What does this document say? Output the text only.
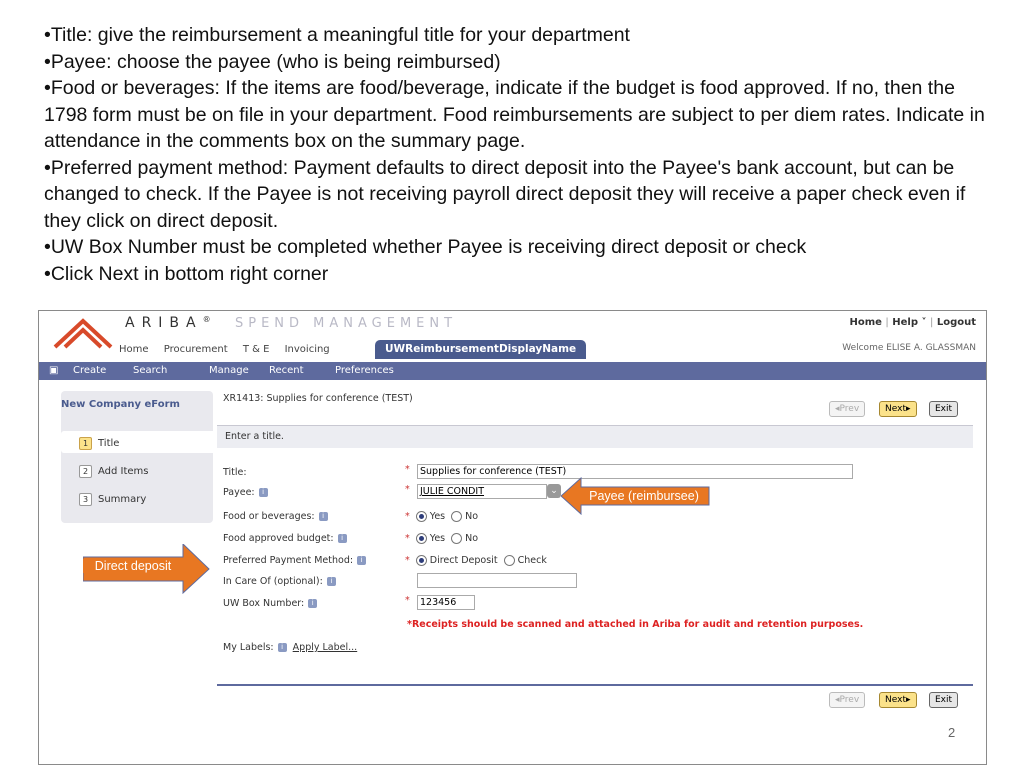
•Title: give the reimbursement a meaningful title for your department

•Payee: choose the payee (who is being reimbursed)

•Food or beverages: If the items are food/beverage, indicate if the budget is food approved. If no, then the 1798 form must be on file in your department. Food reimbursements are subject to per diem rates. Indicate in attendance in the comments box on the summary page.

•Preferred payment method: Payment defaults to direct deposit into the Payee's bank account, but can be changed to check. If the Payee is not receiving payroll direct deposit they will receive a paper check even if they click on direct deposit.

•UW Box Number must be completed whether Payee is receiving direct deposit or check

•Click Next in bottom right corner

ARIBA® SPEND MANAGEMENT	Home | Help ˅ | Logout
Welcome ELISE A. GLASSMAN
Home Procurement T & E Invoicing	UWReimbursementDisplayName
▣ Create	Search	Manage Recent	Preferences
New Company eForm
1 Title
2 Add Items
3 Summary
XR1413: Supplies for conference (TEST)
◂Prev	Next▸	Exit
Enter a title.
Title:	*	Supplies for conference (TEST)
Payee: i	*	JULIE CONDIT	⌄
Food or beverages: i	* Yes No
Food approved budget: i	* Yes No
Preferred Payment Method: i	* Direct Deposit Check
In Care Of (optional): i
UW Box Number: i	*	123456
*Receipts should be scanned and attached in Ariba for audit and retention purposes.
My Labels: i Apply Label...
◂Prev	Next▸	Exit
Payee (reimbursee)
Direct deposit
2
